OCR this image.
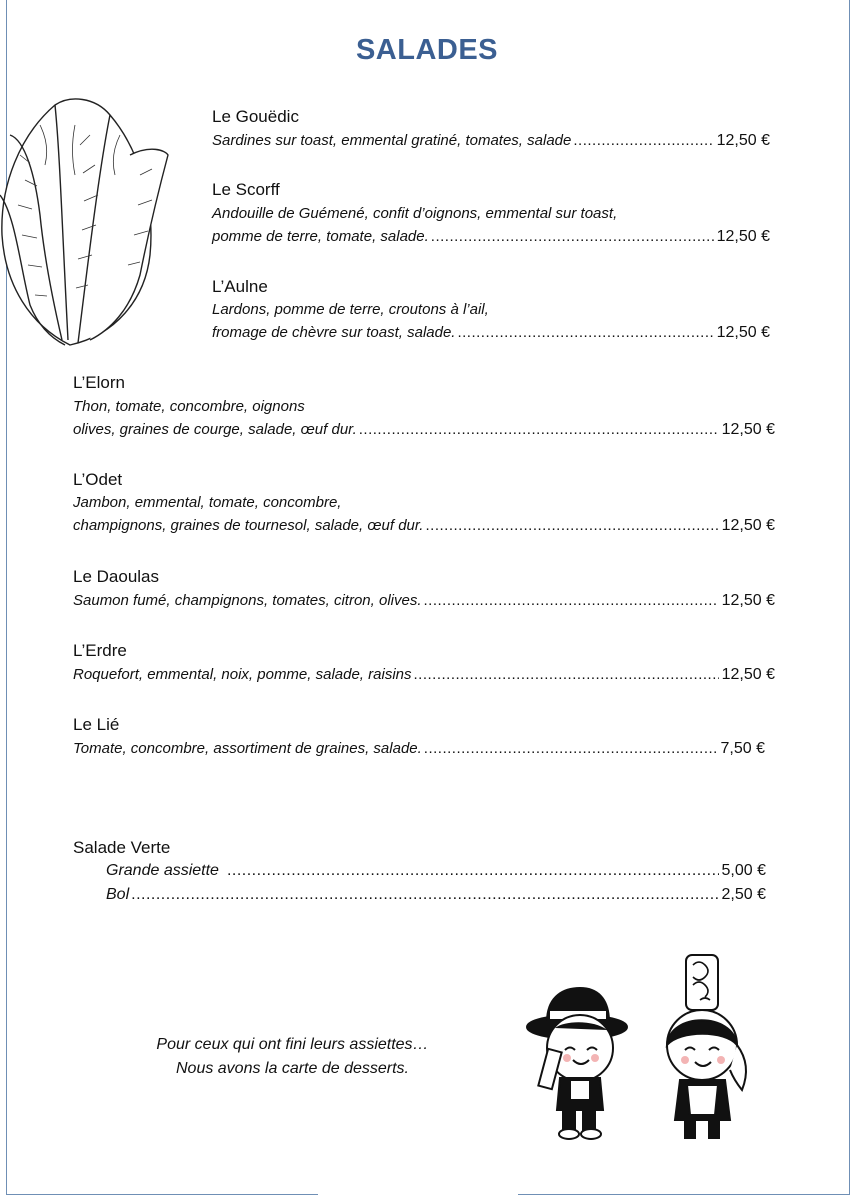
SALADES
Le Gouëdic
Sardines sur toast, emmental gratiné, tomates, salade .....	12,50 €
Le Scorff
Andouille de Guémené, confit d’oignons, emmental sur toast,
pomme de terre, tomate, salade. .....	12,50 €
L’Aulne
Lardons, pomme de terre, croutons à l’ail,
fromage de chèvre sur toast, salade. .....	12,50 €
L’Elorn
Thon, tomate, concombre, oignons
olives, graines de courge, salade, œuf dur. .....	12,50 €
L’Odet
Jambon, emmental, tomate, concombre,
champignons, graines de tournesol, salade, œuf dur. .....	12,50 €
Le Daoulas
Saumon fumé, champignons, tomates, citron, olives. .....	12,50 €
L’Erdre
Roquefort, emmental, noix, pomme, salade, raisins .....	12,50 €
Le Lié
Tomate, concombre, assortiment de graines, salade. .....	7,50 €
Salade Verte
Grande assiette .....	5,00 €
Bol .....	2,50 €
Pour ceux qui ont fini leurs assiettes…
Nous avons la carte de desserts.
